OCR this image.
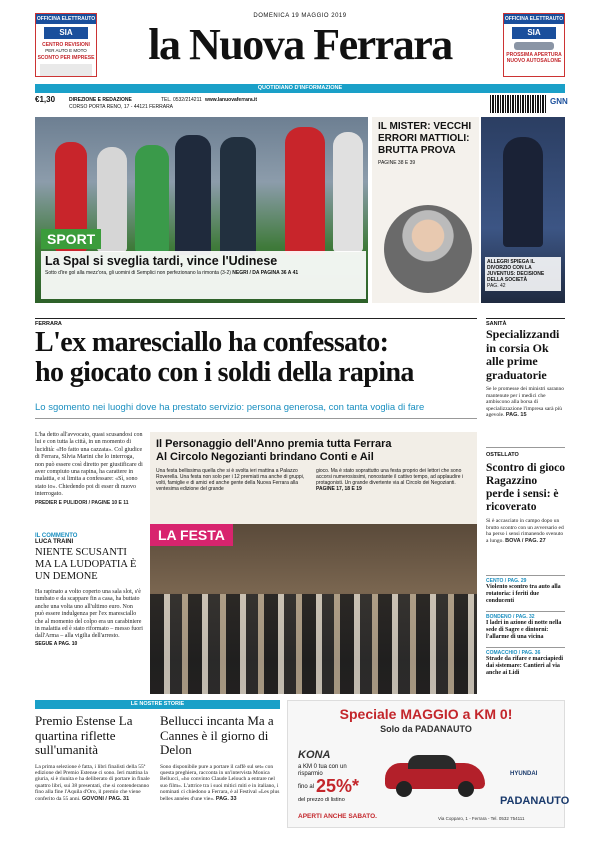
OFFICINA ELETTRAUTO
SIA
CENTRO REVISIONI
PER AUTO E MOTO
SCONTO PER IMPRESE
DOMENICA 19 MAGGIO 2019
la Nuova Ferrara
OFFICINA ELETTRAUTO
SIA
PROSSIMA APERTURA
NUOVO AUTOSALONE
QUOTIDIANO D'INFORMAZIONE
€1,30	DIREZIONE E REDAZIONE
CORSO PORTA RENO, 17 - 44121 FERRARA
TEL. 0532/214211 www.lanuovaferrara.it	GNN
SPORT
La Spal si sveglia tardi, vince l'Udinese
Sotto d'ire gol alla mezz'ora, gli uomini di Semplici non perfezionano la rimonta (3-2) NEGRI / DA PAGINA 36 A 41
IL MISTER: VECCHI ERRORI MATTIOLI: BRUTTA PROVA
PAGINE 38 E 39
ALLEGRI SPIEGA IL DIVORZIO CON LA JUVENTUS: DECISIONE DELLA SOCIETÀ
PAG. 42
FERRARA
L'ex maresciallo ha confessato:
ho giocato con i soldi della rapina
Lo sgomento nei luoghi dove ha prestato servizio: persona generosa, con tanta voglia di fare
L'ha detto all'avvocato, quasi scusandosi con lui e con tutta la città, in un momento di lucidità: «Ho fatto una cazzata». Col giudice di Ferrara, Silvia Marini che lo interroga, non può essere così diretto per giustificare di aver compiuto una rapina, ha carattere in malattia, e si limita a confessare: «Sì, sono stato io». Chiedendo poi di esser di nuovo interrogato.
PREDIER E PULIDORI / PAGINE 10 E 11
IL COMMENTO
LUCA TRAINI
NIENTE SCUSANTI MA LA LUDOPATIA È UN DEMONE
Ha rapinato a volto coperto una sala slot, s'è tumbato e da scappare fin a casa, ha buttato anche una volta uno all'ultimo euro. Non può essere indulgenza per l'ex maresciallo che al momento del colpo era un carabiniere in malattia ed è stato riformato – messo fuori dall'Arma – alla vigilia dell'arresto.
SEGUE A PAG. 10
Il Personaggio dell'Anno premia tutta Ferrara
Al Circolo Negozianti brindano Conti e Ail
Una festa bellissima quella che si è svolta ieri mattina a Palazzo Roverella. Una festa non solo per i 12 premiati ma anche di gruppi, volti, famiglie e di amici ed anche gente della Nuova Ferrara alla ventesima edizione del grande
gioco. Ma è stato soprattutto una festa proprio dei lettori che sono accorsi numerosissimi, nonostante il cattivo tempo, ad applaudire i protagonisti. Un grande divertente via al Circolo dei Negozianti. PAGINE 17, 18 E 19
LA FESTA
SANITÀ
Specializzandi in corsia Ok alle prime graduatorie
Se le promesse dei ministri saranno mantenute per i medici che ambiscono alla borsa di specializzazione l'impresa sarà più agevole. PAG. 15
OSTELLATO
Scontro di gioco Ragazzino perde i sensi: è ricoverato
Si è accasciato in campo dopo un brutto scontro con un avversario ed ha perso i sensi rimanendo svenuto a lungo. BOVA / PAG. 27
CENTO / PAG. 29
Violento scontro tra auto alla rotatoria: i feriti due conducenti
BONDENO / PAG. 32
I ladri in azione di notte nella sede di Sagre e dintorni: l'allarme di una vicina
COMACCHIO / PAG. 36
Strade da rifare e marciapiedi dai sistemare: Cantieri al via anche ai Lidi
LE NOSTRE STORIE
Premio Estense La quartina riflette sull'umanità
La prima selezione è fatta, i libri finalisti della 55ª edizione del Premio Estense ci sono. Ieri mattina la giuria, si è riunita e ha deliberato di portare in finale quattro libri, sui 38 presentati, che si contenderanno fino alla fine l'Aquila d'Oro, il premio che viene conferito da 55 anni. GOVONI / PAG. 31
Bellucci incanta Ma a Cannes è il giorno di Delon
Sono disponibile pure a portare il caffè sul set» con questa preghiera, racconta in un'intervista Monica Bellucci, «ho convinto Claude Lelouch a entrare nel suo film». L'attrice tra i suoi mitici miti e in italiano, i nominati ci chiedono a Ferrara, è al Festival «Les plus belles années d'une vie». PAG. 33
Speciale MAGGIO a KM 0!
Solo da PADANAUTO
KONA
a KM 0 tua con un risparmio
fino al 25%*
del prezzo di listino
APERTI ANCHE SABATO.
HYUNDAI
PADANAUTO
Via Copparo, 1 - Ferrara - Tel. 0532 754111
